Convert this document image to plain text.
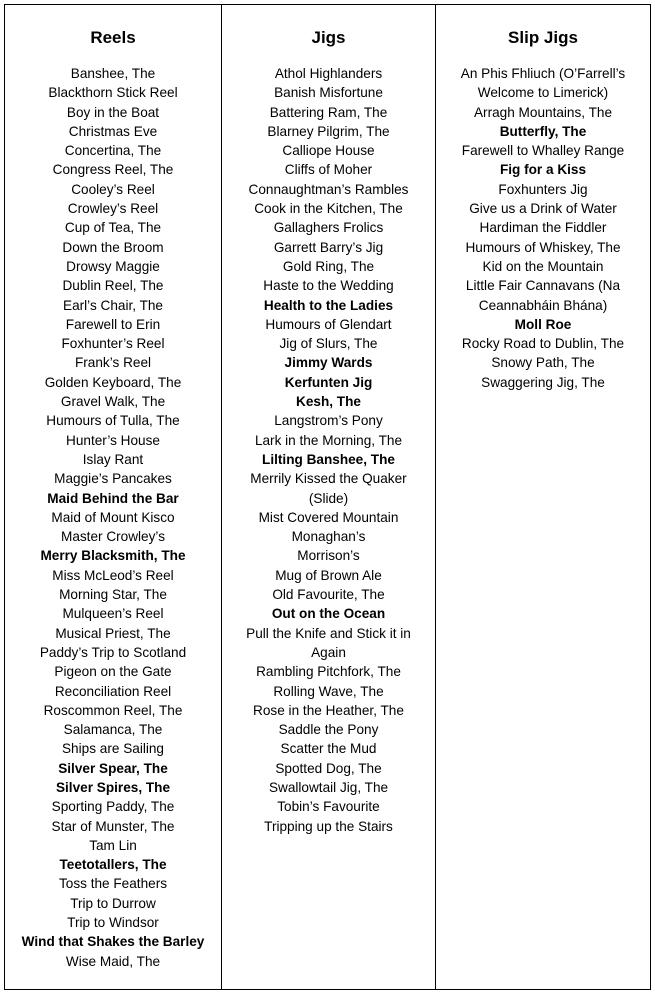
Reels
Banshee, The
Blackthorn Stick Reel
Boy in the Boat
Christmas Eve
Concertina, The
Congress Reel, The
Cooley’s Reel
Crowley’s Reel
Cup of Tea, The
Down the Broom
Drowsy Maggie
Dublin Reel, The
Earl’s Chair, The
Farewell to Erin
Foxhunter’s Reel
Frank’s Reel
Golden Keyboard, The
Gravel Walk, The
Humours of Tulla, The
Hunter’s House
Islay Rant
Maggie’s Pancakes
Maid Behind the Bar
Maid of Mount Kisco
Master Crowley’s
Merry Blacksmith, The
Miss McLeod’s Reel
Morning Star, The
Mulqueen’s Reel
Musical Priest, The
Paddy’s Trip to Scotland
Pigeon on the Gate
Reconciliation Reel
Roscommon Reel, The
Salamanca, The
Ships are Sailing
Silver Spear, The
Silver Spires, The
Sporting Paddy, The
Star of Munster, The
Tam Lin
Teetotallers, The
Toss the Feathers
Trip to Durrow
Trip to Windsor
Wind that Shakes the Barley
Wise Maid, The
Jigs
Athol Highlanders
Banish Misfortune
Battering Ram, The
Blarney Pilgrim, The
Calliope House
Cliffs of Moher
Connaughtman’s Rambles
Cook in the Kitchen, The
Gallaghers Frolics
Garrett Barry’s Jig
Gold Ring, The
Haste to the Wedding
Health to the Ladies
Humours of Glendart
Jig of Slurs, The
Jimmy Wards
Kerfunten Jig
Kesh, The
Langstrom’s Pony
Lark in the Morning, The
Lilting Banshee, The
Merrily Kissed the Quaker (Slide)
Mist Covered Mountain
Monaghan’s
Morrison’s
Mug of Brown Ale
Old Favourite, The
Out on the Ocean
Pull the Knife and Stick it in Again
Rambling Pitchfork, The
Rolling Wave, The
Rose in the Heather, The
Saddle the Pony
Scatter the Mud
Spotted Dog, The
Swallowtail Jig, The
Tobin’s Favourite
Tripping up the Stairs
Slip Jigs
An Phis Fhliuch (O’Farrell’s Welcome to Limerick)
Arragh Mountains, The
Butterfly, The
Farewell to Whalley Range
Fig for a Kiss
Foxhunters Jig
Give us a Drink of Water
Hardiman the Fiddler
Humours of Whiskey, The
Kid on the Mountain
Little Fair Cannavans (Na Ceannabháin Bhána)
Moll Roe
Rocky Road to Dublin, The
Snowy Path, The
Swaggering Jig, The
